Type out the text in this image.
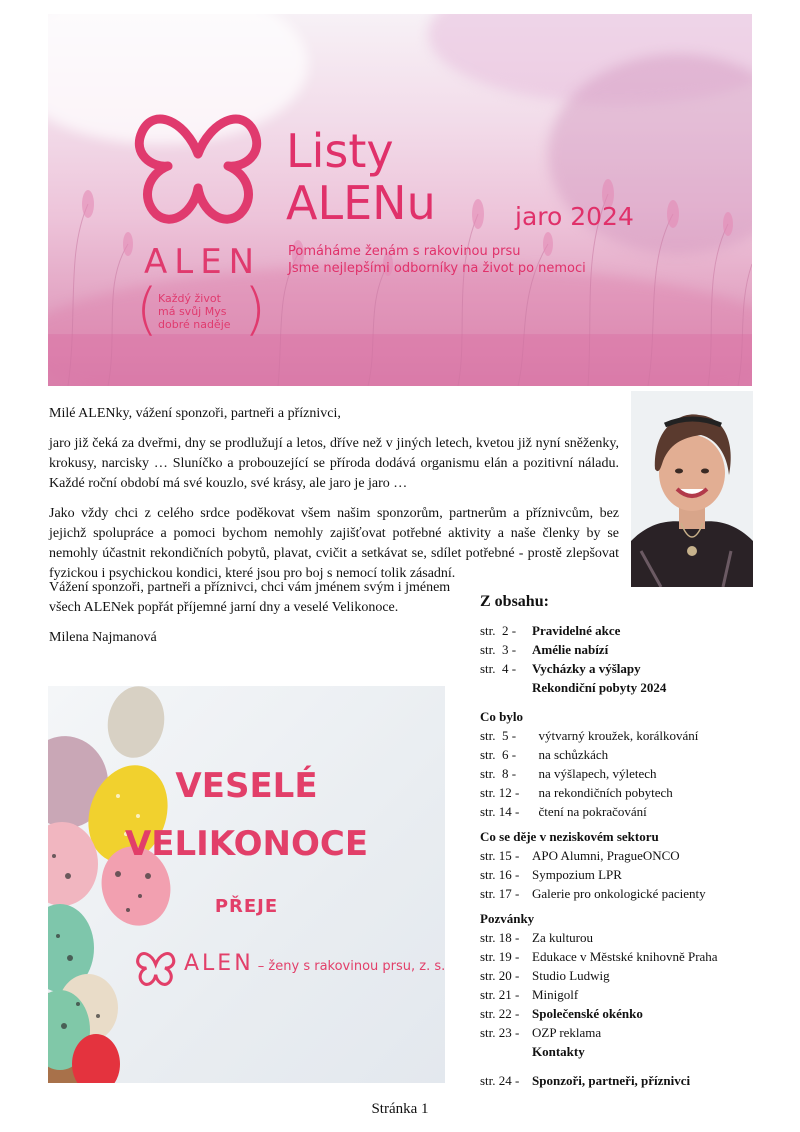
ALEN
( )
Každý život
má svůj Mys
dobré naděje
Listy
ALENu	jaro 2024
Pomáháme ženám s rakovinou prsu
Jsme nejlepšími odborníky na život po nemoci

Milé ALENky, vážení sponzoři, partneři a příznivci,

jaro již čeká za dveřmi, dny se prodlužují a letos, dříve než v jiných letech, kvetou již nyní sněženky, krokusy, narcisky … Sluníčko a probouzející se příroda dodává organismu elán a pozitivní náladu. Každé roční období má své kouzlo, své krásy, ale jaro je jaro …

Jako vždy chci z celého srdce poděkovat všem našim sponzorům, partnerům a příznivcům, bez jejichž spolupráce a pomoci bychom nemohly zajišťovat potřebné aktivity a naše členky by se nemohly účastnit rekondičních pobytů, plavat, cvičit a setkávat se, sdílet potřebné - prostě zlepšovat fyzickou i psychickou kondici, které jsou pro boj s nemocí tolik zásadní.

Vážení sponzoři, partneři a příznivci, chci vám jménem svým i jménem všech ALENek popřát příjemné jarní dny a veselé Velikonoce.

Milena Najmanová

Z obsahu:
str.  2 -	Pravidelné akce
str.  3 -	Amélie nabízí
str.  4 -	Vycházky a výšlapy
Rekondiční pobyty 2024
Co bylo
str.  5 -	výtvarný kroužek, korálkování
str.  6 -	na schůzkách
str.  8 -	na výšlapech, výletech
str. 12 - na rekondičních pobytech
str. 14 - čtení na pokračování
Co se děje v neziskovém sektoru
str. 15 - APO Alumni, PragueONCO
str. 16 - Sympozium LPR
str. 17 - Galerie pro onkologické pacienty
Pozvánky
str. 18 - Za kulturou
str. 19 - Edukace v Městské knihovně Praha
str. 20 - Studio Ludwig
str. 21 - Minigolf
str. 22 - Společenské okénko
str. 23 - OZP reklama
Kontakty
str. 24 - Sponzoři, partneři, příznivci
VESELÉ
VELIKONOCE
PŘEJE
ALEN – ženy s rakovinou prsu, z. s.
Stránka 1
